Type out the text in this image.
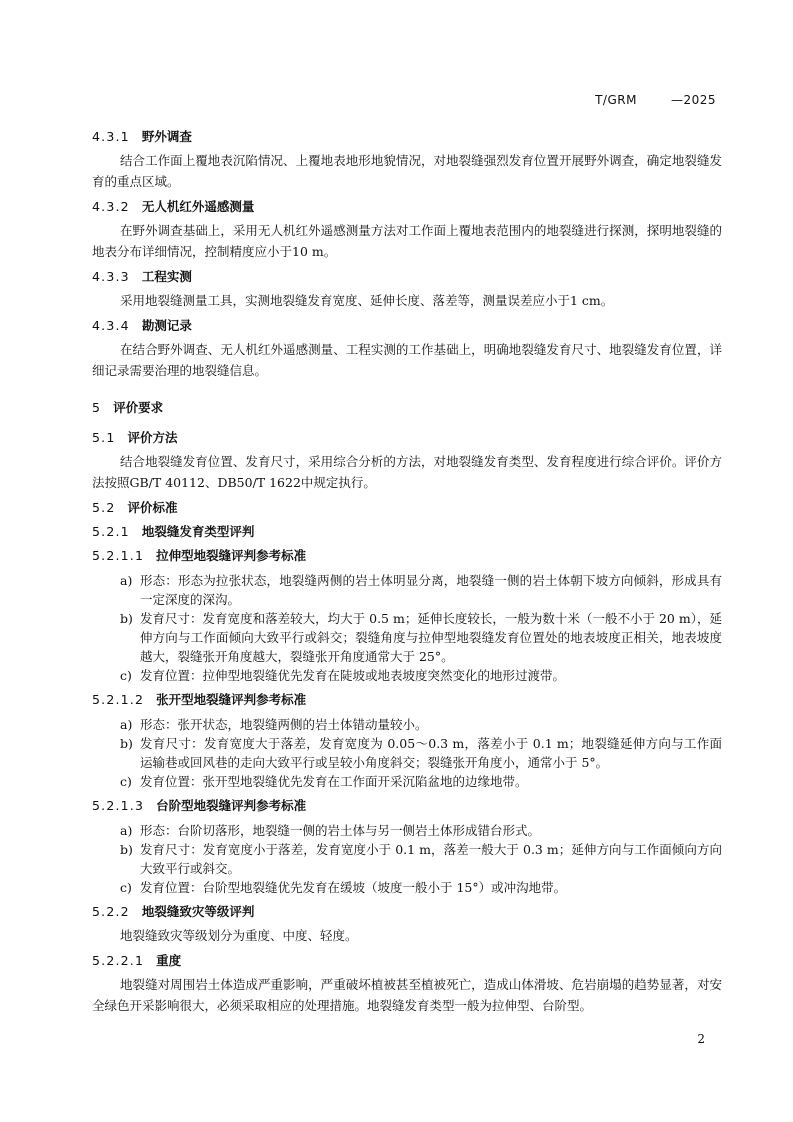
T/GRM	—2025
4.3.1 野外调查

结合工作面上覆地表沉陷情况、上覆地表地形地貌情况，对地裂缝强烈发育位置开展野外调查，确定地裂缝发育的重点区域。

4.3.2 无人机红外遥感测量

在野外调查基础上，采用无人机红外遥感测量方法对工作面上覆地表范围内的地裂缝进行探测，探明地裂缝的地表分布详细情况，控制精度应小于10 m。

4.3.3 工程实测

采用地裂缝测量工具，实测地裂缝发育宽度、延伸长度、落差等，测量误差应小于1 cm。

4.3.4 勘测记录

在结合野外调查、无人机红外遥感测量、工程实测的工作基础上，明确地裂缝发育尺寸、地裂缝发育位置，详细记录需要治理的地裂缝信息。

5 评价要求
5.1 评价方法

结合地裂缝发育位置、发育尺寸，采用综合分析的方法，对地裂缝发育类型、发育程度进行综合评价。评价方法按照GB/T 40112、DB50/T 1622中规定执行。

5.2 评价标准
5.2.1 地裂缝发育类型评判
5.2.1.1 拉伸型地裂缝评判参考标准
a) 形态：形态为拉张状态，地裂缝两侧的岩土体明显分离，地裂缝一侧的岩土体朝下坡方向倾斜，形成具有一定深度的深沟。
b) 发育尺寸：发育宽度和落差较大，均大于 0.5 m；延伸长度较长，一般为数十米（一般不小于 20 m），延伸方向与工作面倾向大致平行或斜交；裂缝角度与拉伸型地裂缝发育位置处的地表坡度正相关，地表坡度越大，裂缝张开角度越大，裂缝张开角度通常大于 25°。
c) 发育位置：拉伸型地裂缝优先发育在陡坡或地表坡度突然变化的地形过渡带。
5.2.1.2 张开型地裂缝评判参考标准
a) 形态：张开状态，地裂缝两侧的岩土体错动量较小。
b) 发育尺寸：发育宽度大于落差，发育宽度为 0.05～0.3 m，落差小于 0.1 m；地裂缝延伸方向与工作面运输巷或回风巷的走向大致平行或呈较小角度斜交；裂缝张开角度小，通常小于 5°。
c) 发育位置：张开型地裂缝优先发育在工作面开采沉陷盆地的边缘地带。
5.2.1.3 台阶型地裂缝评判参考标准
a) 形态：台阶切落形，地裂缝一侧的岩土体与另一侧岩土体形成错台形式。
b) 发育尺寸：发育宽度小于落差，发育宽度小于 0.1 m，落差一般大于 0.3 m；延伸方向与工作面倾向方向大致平行或斜交。
c) 发育位置：台阶型地裂缝优先发育在缓坡（坡度一般小于 15°）或冲沟地带。
5.2.2 地裂缝致灾等级评判

地裂缝致灾等级划分为重度、中度、轻度。

5.2.2.1 重度

地裂缝对周围岩土体造成严重影响，严重破坏植被甚至植被死亡，造成山体滑坡、危岩崩塌的趋势显著，对安全绿色开采影响很大，必须采取相应的处理措施。地裂缝发育类型一般为拉伸型、台阶型。

2
